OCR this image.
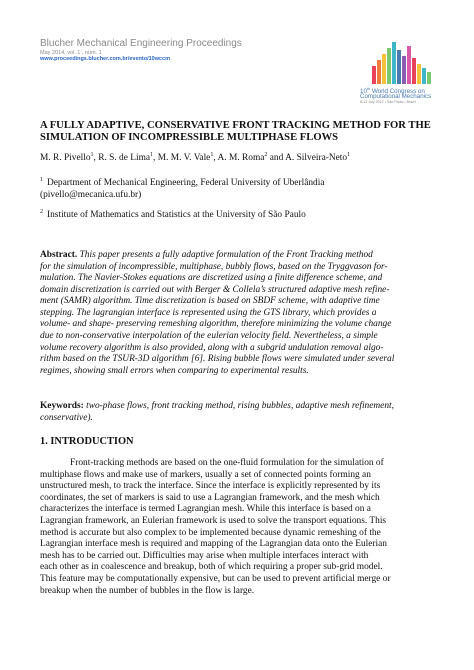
Blucher Mechanical Engineering Proceedings
May 2014, vol. 1 , num. 1
www.proceedings.blucher.com.br/evento/10wccm
10th World Congress on
Computational Mechanics
8-13 July 2012 • São Paulo • Brazil
A FULLY ADAPTIVE, CONSERVATIVE FRONT TRACKING METHOD FOR THE
SIMULATION OF INCOMPRESSIBLE MULTIPHASE FLOWS
M. R. Pivello$^1$, R. S. de Lima$^1$, M. M. V. Vale$^1$, A. M. Roma$^2$ and A. Silveira-Neto$^1$
$^1$ Department of Mechanical Engineering, Federal University of Uberlândia
(pivello@mecanica.ufu.br)
$^2$ Institute of Mathematics and Statistics at the University of São Paulo
Abstract. This paper presents a fully adaptive formulation of the Front Tracking method
for the simulation of incompressible, multiphase, bubbly flows, based on the Tryggvason for-
mulation. The Navier-Stokes equations are discretized using a finite difference scheme, and
domain discretization is carried out with Berger & Collela’s structured adaptive mesh refine-
ment (SAMR) algorithm. Time discretization is based on SBDF scheme, with adaptive time
stepping. The lagrangian interface is represented using the GTS library, which provides a
volume- and shape- preserving remeshing algorithm, therefore minimizing the volume change
due to non-conservative interpolation of the eulerian velocity field. Nevertheless, a simple
volume recovery algorithm is also provided, along with a subgrid undulation removal algo-
rithm based on the TSUR-3D algorithm [6]. Rising bubble flows were simulated under several
regimes, showing small errors when comparing to experimental results.
Keywords: two-phase flows, front tracking method, rising bubbles, adaptive mesh refinement,
conservative).
1. INTRODUCTION
Front-tracking methods are based on the one-fluid formulation for the simulation of
multiphase flows and make use of markers, usually a set of connected points forming an
unstructured mesh, to track the interface. Since the interface is explicitly represented by its
coordinates, the set of markers is said to use a Lagrangian framework, and the mesh which
characterizes the interface is termed Lagrangian mesh. While this interface is based on a
Lagrangian framework, an Eulerian framework is used to solve the transport equations. This
method is accurate but also complex to be implemented because dynamic remeshing of the
Lagrangian interface mesh is required and mapping of the Lagrangian data onto the Eulerian
mesh has to be carried out. Difficulties may arise when multiple interfaces interact with
each other as in coalescence and breakup, both of which requiring a proper sub-grid model.
This feature may be computationally expensive, but can be used to prevent artificial merge or
breakup when the number of bubbles in the flow is large.
